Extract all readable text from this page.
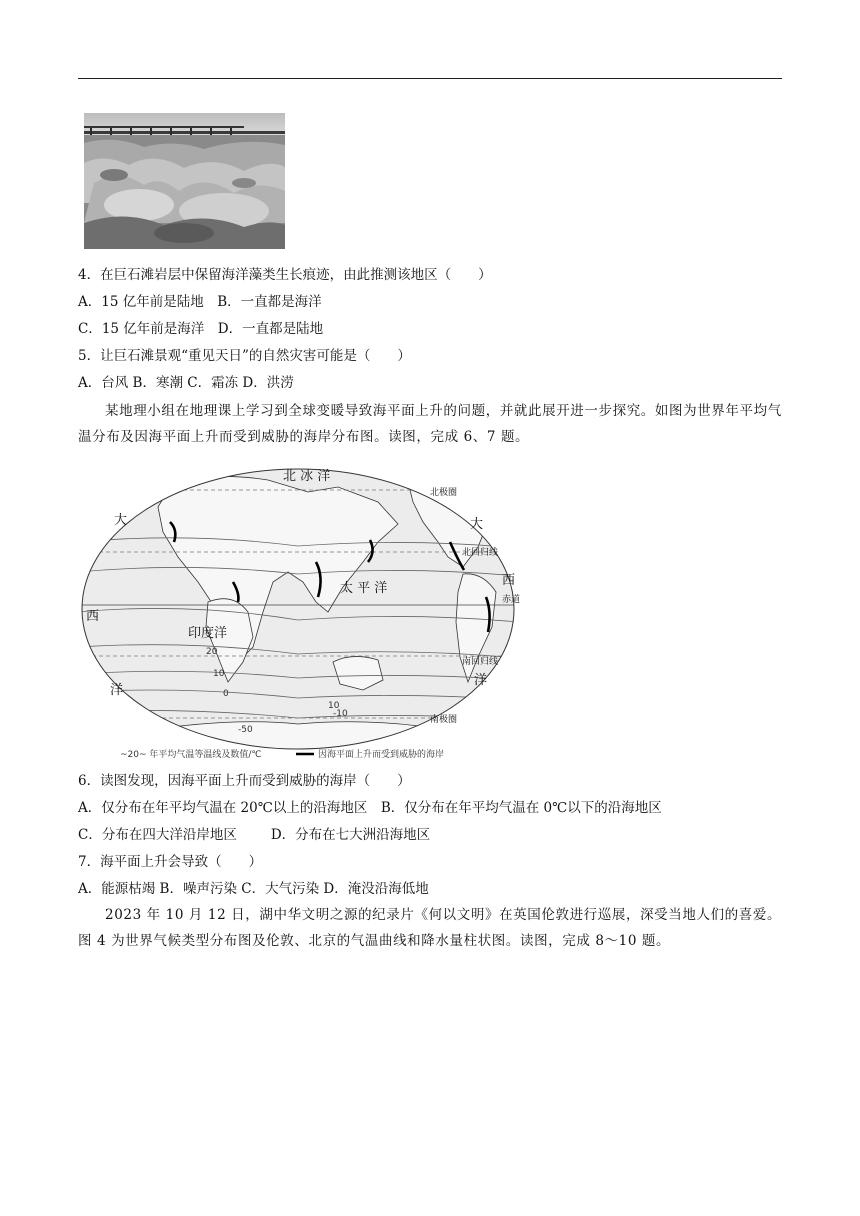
4．在巨石滩岩层中保留海洋藻类生长痕迹，由此推测该地区（　　）
A．15 亿年前是陆地　B．一直都是海洋
C．15 亿年前是海洋　D．一直都是陆地
5．让巨石滩景观“重见天日”的自然灾害可能是（　　）
A．台风 B．寒潮 C．霜冻 D．洪涝
某地理小组在地理课上学习到全球变暖导致海平面上升的问题，并就此展开进一步探究。如图为世界年平均气温分布及因海平面上升而受到威胁的海岸分布图。读图，完成 6、7 题。
北 冰 洋
北极圈
北回归线
赤道
南回归线
南极圈
太 平 洋
印度洋
大
西
洋
大
西
洋
20
10
0
-10
-50
10
~20~ 年平均气温等温线及数值/℃	因海平面上升而受到威胁的海岸
6．读图发现，因海平面上升而受到威胁的海岸（　　）
A．仅分布在年平均气温在 20℃以上的沿海地区　B．仅分布在年平均气温在 0℃以下的沿海地区
C．分布在四大洋沿岸地区	D．分布在七大洲沿海地区
7．海平面上升会导致（　　）
A．能源枯竭 B．噪声污染 C．大气污染 D．淹没沿海低地
2023 年 10 月 12 日，湖中华文明之源的纪录片《何以文明》在英国伦敦进行巡展，深受当地人们的喜爱。图 4 为世界气候类型分布图及伦敦、北京的气温曲线和降水量柱状图。读图，完成 8～10 题。
